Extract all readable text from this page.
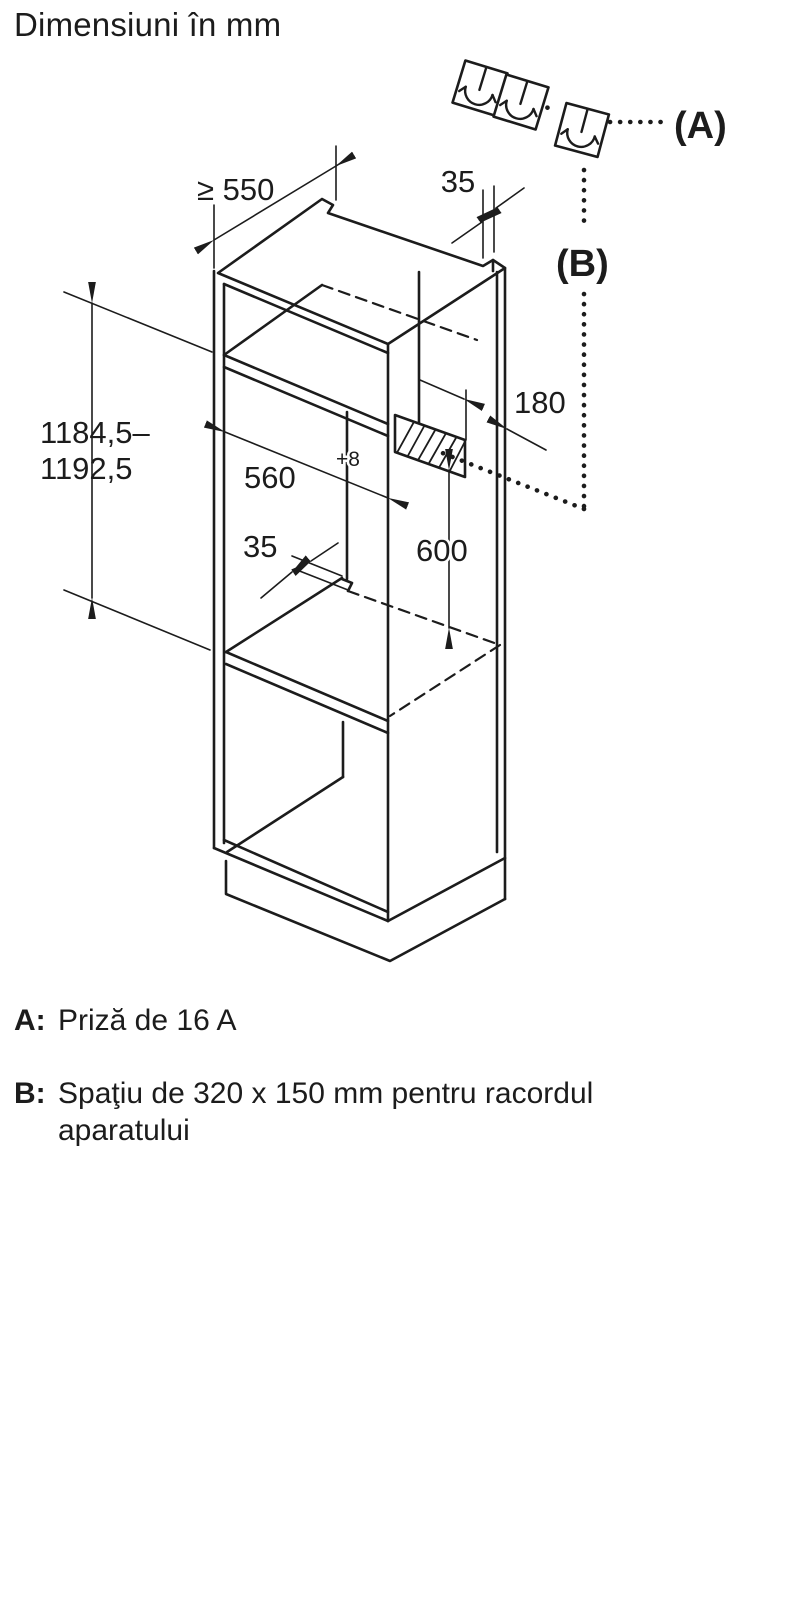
Dimensiuni în mm
≥ 550	35
1184,5–
1192,5	560
+8
35
180
600
(A)
(B)
A: Priză de 16 A
B: Spaţiu de 320 x 150 mm pentru racordul
aparatului
